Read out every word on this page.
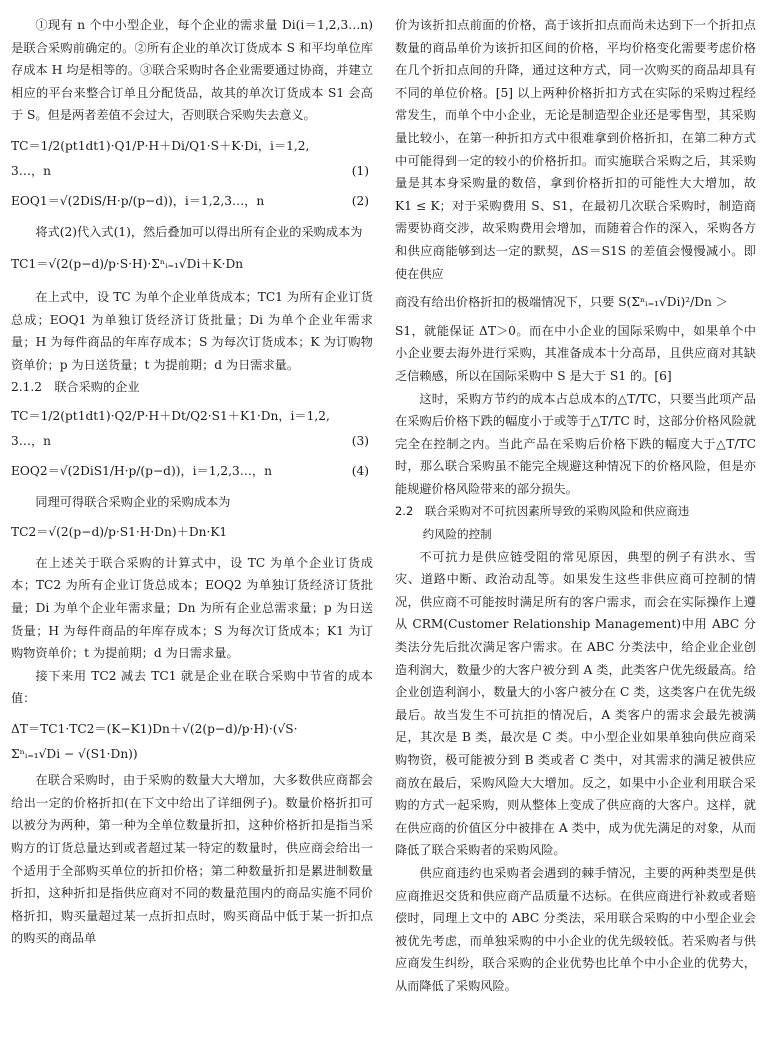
①现有 n 个中小型企业，每个企业的需求量 Di(i＝1,2,3…n)是联合采购前确定的。②所有企业的单次订货成本 S 和平均单位库存成本 H 均是相等的。③联合采购时各企业需要通过协商，并建立相应的平台来整合订单且分配货品，故其的单次订货成本 S1 会高于 S。但是两者差值不会过大，否则联合采购失去意义。

TC＝1/2(pt1dt1)·Q1/P·H＋Di/Q1·S＋K·Di，i＝1,2,
3…，n	(1)
EOQ1＝√(2DiS/H·p/(p−d))，i＝1,2,3…，n	(2)

将式(2)代入式(1)，然后叠加可以得出所有企业的采购成本为

TC1＝√(2(p−d)/p·S·H)·Σⁿᵢ₌₁√Di＋K·Dn

在上式中，设 TC 为单个企业单货成本；TC1 为所有企业订货总成；EOQ1 为单独订货经济订货批量；Di 为单个企业年需求量；H 为每件商品的年库存成本；S 为每次订货成本；K 为订购物资单价；p 为日送货量；t 为提前期；d 为日需求量。

2.1.2　联合采购的企业

TC＝1/2(pt1dt1)·Q2/P·H＋Dt/Q2·S1＋K1·Dn，i＝1,2,
3…，n	(3)
EOQ2＝√(2DiS1/H·p/(p−d))，i＝1,2,3…，n	(4)

同理可得联合采购企业的采购成本为

TC2＝√(2(p−d)/p·S1·H·Dn)＋Dn·K1

在上述关于联合采购的计算式中，设 TC 为单个企业订货成本；TC2 为所有企业订货总成本；EOQ2 为单独订货经济订货批量；Di 为单个企业年需求量；Dn 为所有企业总需求量；p 为日送货量；H 为每件商品的年库存成本；S 为每次订货成本；K1 为订购物资单价；t 为提前期；d 为日需求量。

接下来用 TC2 减去 TC1 就是企业在联合采购中节省的成本值：

ΔT＝TC1·TC2＝(K−K1)Dn＋√(2(p−d)/p·H)·(√S·
Σⁿᵢ₌₁√Di − √(S1·Dn))

在联合采购时，由于采购的数量大大增加，大多数供应商都会给出一定的价格折扣(在下文中给出了详细例子)。数量价格折扣可以被分为两种，第一种为全单位数量折扣，这种价格折扣是指当采购方的订货总量达到或者超过某一特定的数量时，供应商会给出一个适用于全部购买单位的折扣价格；第二种数量折扣是累进制数量折扣，这种折扣是指供应商对不同的数量范围内的商品实施不同价格折扣，购买量超过某一点折扣点时，购买商品中低于某一折扣点的购买的商品单

价为该折扣点前面的价格，高于该折扣点而尚未达到下一个折扣点数量的商品单价为该折扣区间的价格，平均价格变化需要考虑价格在几个折扣点间的升降，通过这种方式，同一次购买的商品却具有不同的单位价格。[5] 以上两种价格折扣方式在实际的采购过程经常发生，而单个中小企业，无论是制造型企业还是零售型，其采购量比较小，在第一种折扣方式中很难拿到价格折扣，在第二种方式中可能得到一定的较小的价格折扣。而实施联合采购之后，其采购量是其本身采购量的数倍，拿到价格折扣的可能性大大增加，故 K1 ≤ K；对于采购费用 S、S1，在最初几次联合采购时，制造商需要协商交涉，故采购费用会增加，而随着合作的深入，采购各方和供应商能够到达一定的默契，ΔS＝S1S 的差值会慢慢减小。即使在供应

商没有给出价格折扣的极端情况下，只要 S(Σⁿᵢ₌₁√Di)²/Dn ＞

S1，就能保证 ΔT＞0。而在中小企业的国际采购中，如果单个中小企业要去海外进行采购，其准备成本十分高昂，且供应商对其缺乏信赖感，所以在国际采购中 S 是大于 S1 的。[6]

这时，采购方节约的成本占总成本的△T/TC，只要当此项产品在采购后价格下跌的幅度小于或等于△T/TC 时，这部分价格风险就完全在控制之内。当此产品在采购后价格下跌的幅度大于△T/TC 时，那么联合采购虽不能完全规避这种情况下的价格风险，但是亦能规避价格风险带来的部分损失。

2.2　联合采购对不可抗因素所导致的采购风险和供应商违
约风险的控制

不可抗力是供应链受阻的常见原因，典型的例子有洪水、雪灾、道路中断、政治动乱等。如果发生这些非供应商可控制的情况，供应商不可能按时满足所有的客户需求，而会在实际操作上遵从 CRM(Customer Relationship Management)中用 ABC 分类法分先后批次满足客户需求。在 ABC 分类法中，给企业企业创造利润大，数量少的大客户被分到 A 类，此类客户优先级最高。给企业创造利润小，数量大的小客户被分在 C 类，这类客户在优先级最后。故当发生不可抗拒的情况后，A 类客户的需求会最先被满足，其次是 B 类，最次是 C 类。中小型企业如果单独向供应商采购物资，极可能被分到 B 类或者 C 类中，对其需求的满足被供应商放在最后，采购风险大大增加。反之，如果中小企业利用联合采购的方式一起采购，则从整体上变成了供应商的大客户。这样，就在供应商的价值区分中被排在 A 类中，成为优先满足的对象，从而降低了联合采购者的采购风险。

供应商违约也采购者会遇到的棘手情况，主要的两种类型是供应商推迟交货和供应商产品质量不达标。在供应商进行补救或者赔偿时，同理上文中的 ABC 分类法，采用联合采购的中小型企业会被优先考虑，而单独采购的中小企业的优先级较低。若采购者与供应商发生纠纷，联合采购的企业优势也比单个中小企业的优势大，从而降低了采购风险。
